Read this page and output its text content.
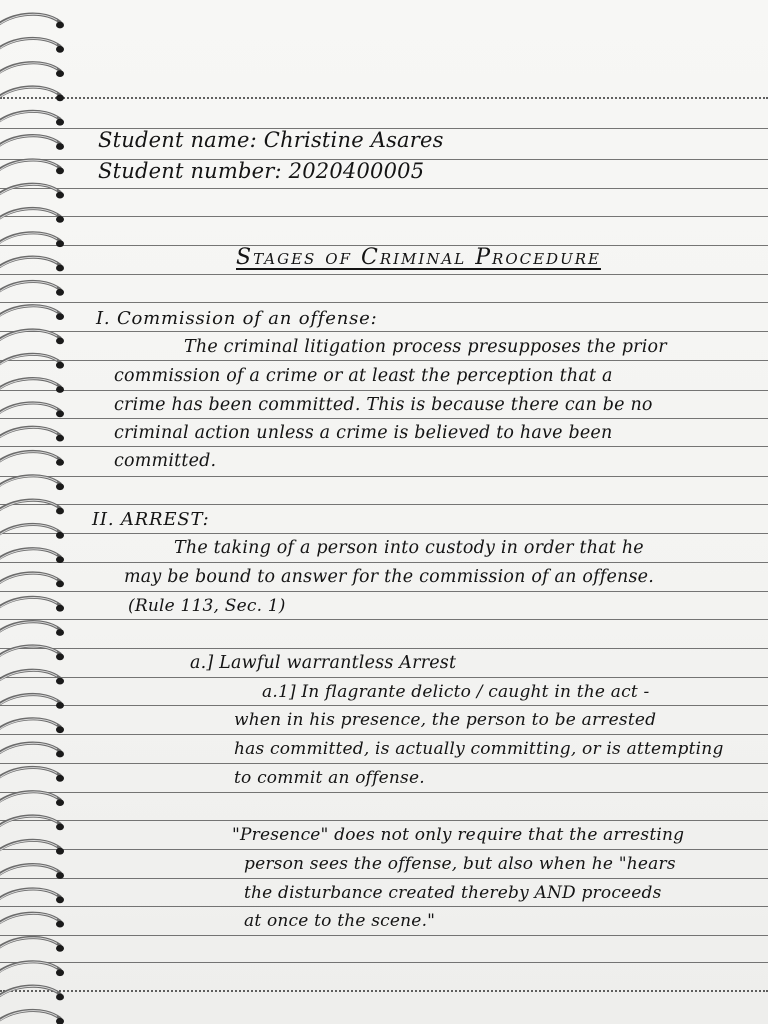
Student name: Christine Asares
Student number: 2020400005
Stages of Criminal Procedure
I. Commission of an offense:
The criminal litigation process presupposes the prior
commission of a crime or at least the perception that a
crime has been committed. This is because there can be no
criminal action unless a crime is believed to have been
committed.
II. ARREST:
The taking of a person into custody in order that he
may be bound to answer for the commission of an offense.
(Rule 113, Sec. 1)
a.] Lawful warrantless Arrest
a.1] In flagrante delicto / caught in the act -
when in his presence, the person to be arrested
has committed, is actually committing, or is attempting
to commit an offense.
"Presence" does not only require that the arresting
person sees the offense, but also when he "hears
the disturbance created thereby AND proceeds
at once to the scene."
